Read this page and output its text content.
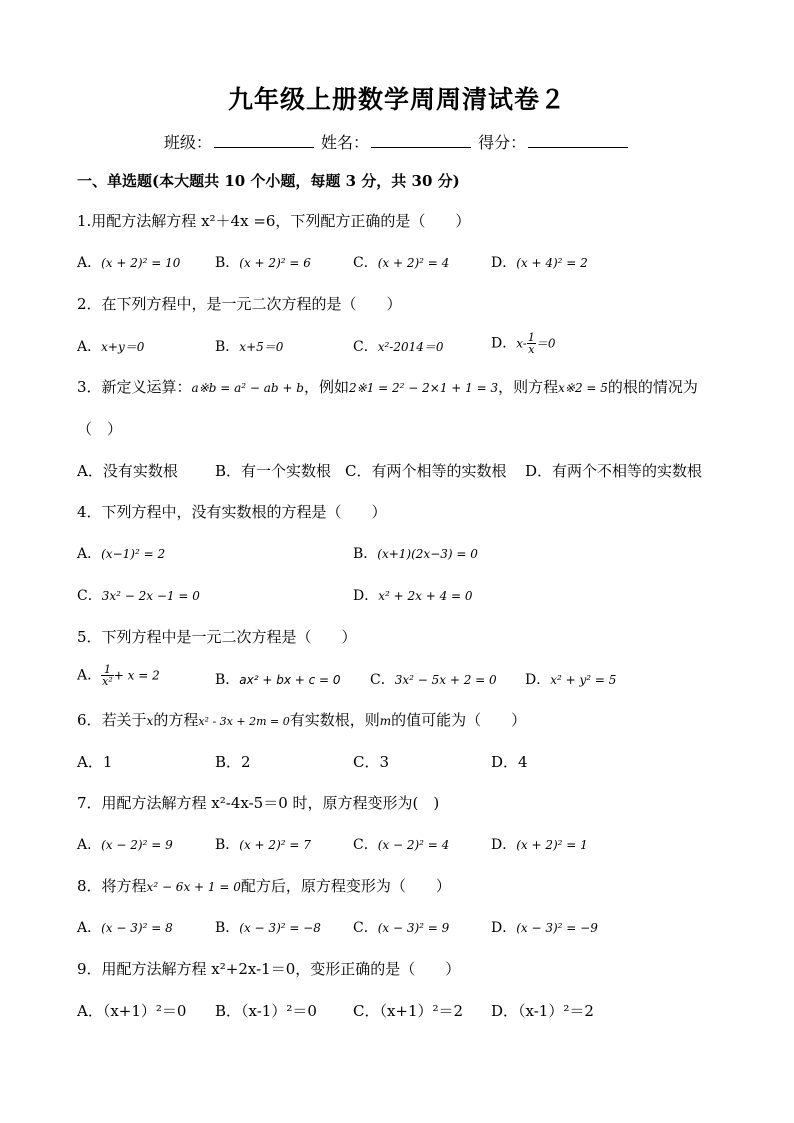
九年级上册数学周周清试卷２
班级：	姓名：	得分：
一、单选题(本大题共 10 个小题，每题 3 分，共 30 分)
1.用配方法解方程 x²＋4x =6，下列配方正确的是（　　）
A．(x + 2)² = 10 B．(x + 2)² = 6	C．(x + 2)² = 4	D．(x + 4)² = 2
2．在下列方程中，是一元二次方程的是（　　）
A．x+y＝0	B．x+5＝0	C．x²-2014＝0	D．$x- \frac{1}{x} =0$
3．新定义运算：a※b = a² − ab + b，例如2※1 = 2² − 2×1 + 1 = 3，则方程x※2 = 5的根的情况为
（　）
A．没有实数根 B．有一个实数根 C．有两个相等的实数根 D．有两个不相等的实数根
4．下列方程中，没有实数根的方程是（　　）
A．(x−1)² = 2	B．(x+1)(2x−3) = 0
C．3x² − 2x −1 = 0	D．x² + 2x + 4 = 0
5．下列方程中是一元二次方程是（　　）
A． $\frac{1}{\text{x²}} + x = 2$	B．ax² + bx + c = 0 C．3x² − 5x + 2 = 0 D．x² + y² = 5
6．若关于x的方程x² - 3x + 2m = 0有实数根，则m的值可能为（　　）
A．1	B．2	C．3	D．4
7．用配方法解方程 x²-4x-5＝0 时，原方程变形为(　)
A．(x − 2)² = 9	B．(x + 2)² = 7	C．(x − 2)² = 4	D．(x + 2)² = 1
8．将方程x² − 6x + 1 = 0配方后，原方程变形为（　　）
A．(x − 3)² = 8	B．(x − 3)² = −8 C．(x − 3)² = 9	D．(x − 3)² = −9
9．用配方法解方程 x²+2x-1＝0，变形正确的是（　　）
A．（x+1）²＝0 B．（x-1）²＝0 C．（x+1）²＝2 D．（x-1）²＝2
